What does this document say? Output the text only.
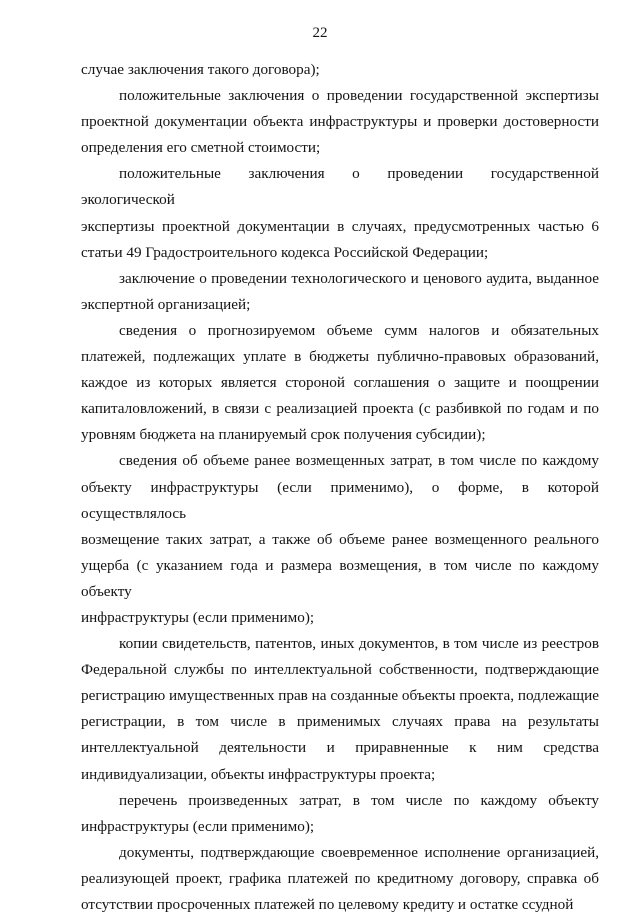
22
случае заключения такого договора);
положительные заключения о проведении государственной экспертизы
проектной документации объекта инфраструктуры и проверки достоверности
определения его сметной стоимости;
положительные заключения о проведении государственной экологической
экспертизы проектной документации в случаях, предусмотренных частью 6
статьи 49 Градостроительного кодекса Российской Федерации;
заключение о проведении технологического и ценового аудита, выданное
экспертной организацией;
сведения о прогнозируемом объеме сумм налогов и обязательных
платежей, подлежащих уплате в бюджеты публично-правовых образований,
каждое из которых является стороной соглашения о защите и поощрении
капиталовложений, в связи с реализацией проекта (с разбивкой по годам и по
уровням бюджета на планируемый срок получения субсидии);
сведения об объеме ранее возмещенных затрат, в том числе по каждому
объекту инфраструктуры (если применимо), о форме, в которой осуществлялось
возмещение таких затрат, а также об объеме ранее возмещенного реального
ущерба (с указанием года и размера возмещения, в том числе по каждому объекту
инфраструктуры (если применимо);
копии свидетельств, патентов, иных документов, в том числе из реестров
Федеральной службы по интеллектуальной собственности, подтверждающие
регистрацию имущественных прав на созданные объекты проекта, подлежащие
регистрации, в том числе в применимых случаях права на результаты
интеллектуальной деятельности и приравненные к ним средства
индивидуализации, объекты инфраструктуры проекта;
перечень произведенных затрат, в том числе по каждому объекту
инфраструктуры (если применимо);
документы, подтверждающие своевременное исполнение организацией,
реализующей проект, графика платежей по кредитному договору, справка об
отсутствии просроченных платежей по целевому кредиту и остатке ссудной
